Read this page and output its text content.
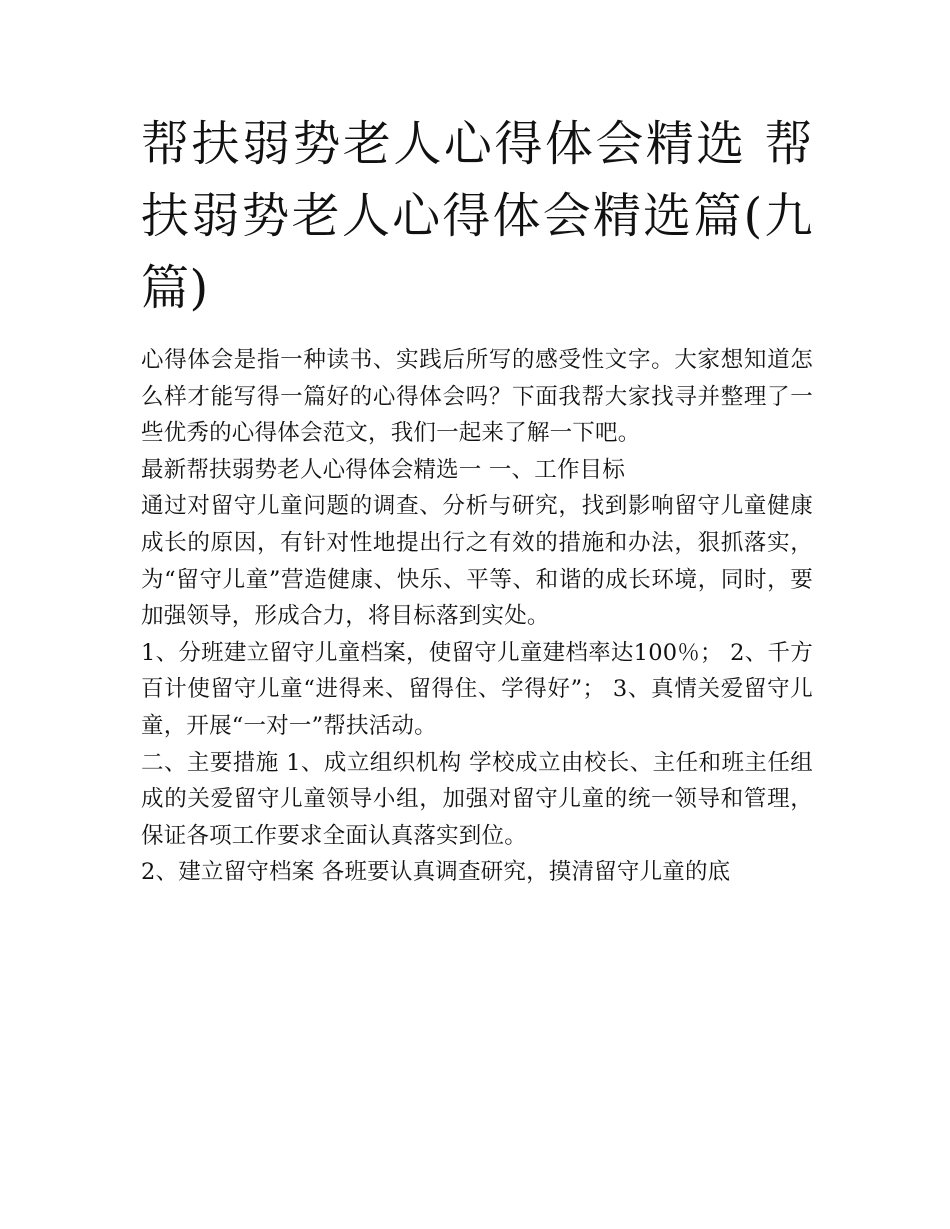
帮扶弱势老人心得体会精选 帮扶弱势老人心得体会精选篇(九篇)

心得体会是指一种读书、实践后所写的感受性文字。大家想知道怎么样才能写得一篇好的心得体会吗？下面我帮大家找寻并整理了一些优秀的心得体会范文，我们一起来了解一下吧。

最新帮扶弱势老人心得体会精选一 一、工作目标

通过对留守儿童问题的调查、分析与研究，找到影响留守儿童健康成长的原因，有针对性地提出行之有效的措施和办法，狠抓落实，为“留守儿童”营造健康、快乐、平等、和谐的成长环境，同时，要加强领导，形成合力，将目标落到实处。

1、分班建立留守儿童档案，使留守儿童建档率达100％； 2、千方百计使留守儿童“进得来、留得住、学得好”； 3、真情关爱留守儿童，开展“一对一”帮扶活动。

二、主要措施 1、成立组织机构 学校成立由校长、主任和班主任组成的关爱留守儿童领导小组，加强对留守儿童的统一领导和管理，保证各项工作要求全面认真落实到位。

2、建立留守档案 各班要认真调查研究，摸清留守儿童的底
